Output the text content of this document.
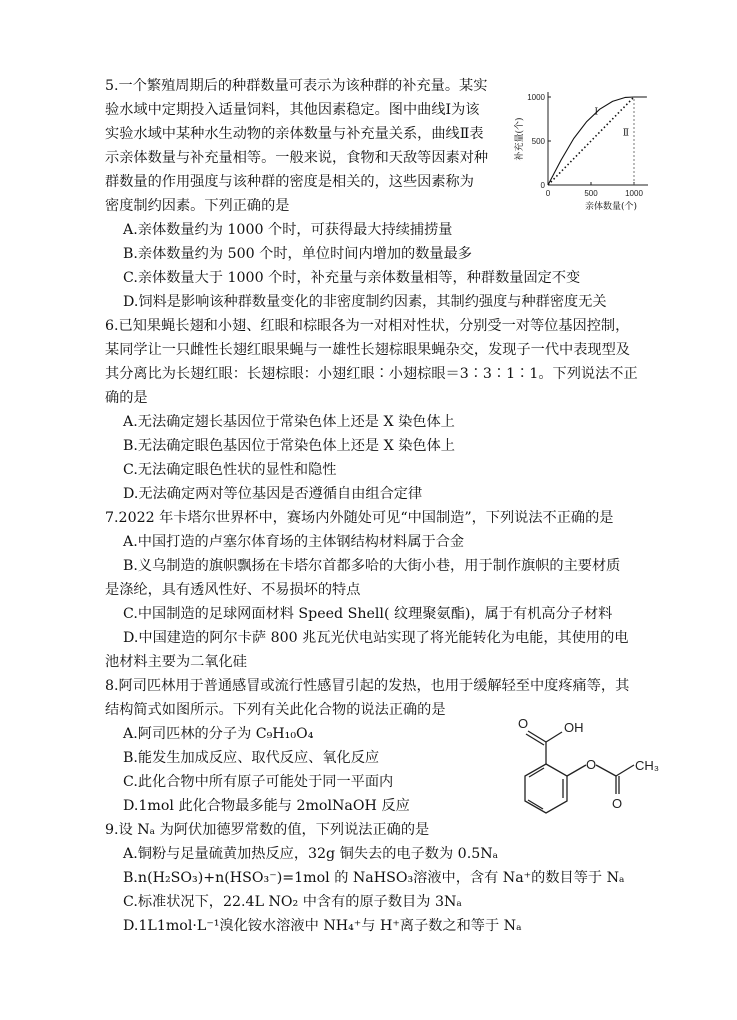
5.一个繁殖周期后的种群数量可表示为该种群的补充量。某实
验水域中定期投入适量饲料，其他因素稳定。图中曲线Ⅰ为该
实验水域中某种水生动物的亲体数量与补充量关系，曲线Ⅱ表
示亲体数量与补充量相等。一般来说，食物和天敌等因素对种
群数量的作用强度与该种群的密度是相关的，这些因素称为
密度制约因素。下列正确的是
A.亲体数量约为 1000 个时，可获得最大持续捕捞量
B.亲体数量约为 500 个时，单位时间内增加的数量最多
C.亲体数量大于 1000 个时，补充量与亲体数量相等，种群数量固定不变
D.饲料是影响该种群数量变化的非密度制约因素，其制约强度与种群密度无关
0	500	1000
0
500
1000
Ⅰ
Ⅱ
亲体数量(个)
补充量(个)
6.已知果蝇长翅和小翅、红眼和棕眼各为一对相对性状，分别受一对等位基因控制，
某同学让一只雌性长翅红眼果蝇与一雄性长翅棕眼果蝇杂交，发现子一代中表现型及
其分离比为长翅红眼：长翅棕眼：小翅红眼∶小翅棕眼＝3∶3∶1∶1。下列说法不正
确的是
A.无法确定翅长基因位于常染色体上还是 X 染色体上
B.无法确定眼色基因位于常染色体上还是 X 染色体上
C.无法确定眼色性状的显性和隐性
D.无法确定两对等位基因是否遵循自由组合定律
7.2022 年卡塔尔世界杯中，赛场内外随处可见“中国制造”，下列说法不正确的是
A.中国打造的卢塞尔体育场的主体钢结构材料属于合金
B.义乌制造的旗帜飘扬在卡塔尔首都多哈的大街小巷，用于制作旗帜的主要材质
是涤纶，具有透风性好、不易损坏的特点
C.中国制造的足球网面材料 Speed Shell( 纹理聚氨酯)，属于有机高分子材料
D.中国建造的阿尔卡萨 800 兆瓦光伏电站实现了将光能转化为电能，其使用的电
池材料主要为二氧化硅
8.阿司匹林用于普通感冒或流行性感冒引起的发热，也用于缓解轻至中度疼痛等，其
结构简式如图所示。下列有关此化合物的说法正确的是
A.阿司匹林的分子为 C₉H₁₀O₄
B.能发生加成反应、取代反应、氧化反应
C.此化合物中所有原子可能处于同一平面内
D.1mol 此化合物最多能与 2molNaOH 反应
OH
O
O	CH₃
O
9.设 Nₐ 为阿伏加德罗常数的值，下列说法正确的是
A.铜粉与足量硫黄加热反应，32g 铜失去的电子数为 0.5Nₐ
B.n(H₂SO₃)+n(HSO₃⁻)=1mol 的 NaHSO₃溶液中，含有 Na⁺的数目等于 Nₐ
C.标准状况下，22.4L NO₂ 中含有的原子数目为 3Nₐ
D.1L1mol·L⁻¹溴化铵水溶液中 NH₄⁺与 H⁺离子数之和等于 Nₐ
